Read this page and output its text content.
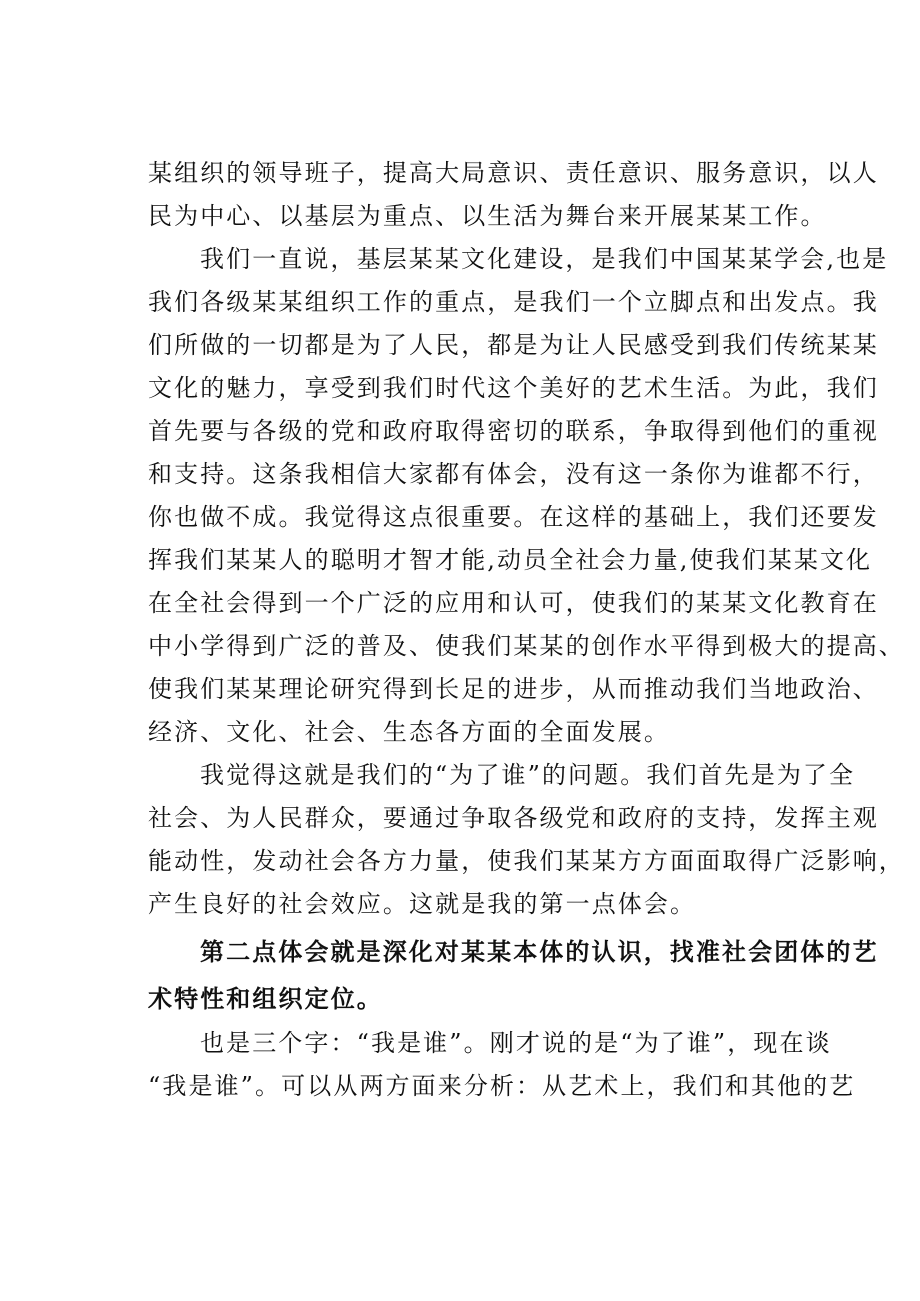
某组织的领导班子，提高大局意识、责任意识、服务意识，以人
民为中心、以基层为重点、以生活为舞台来开展某某工作。
我们一直说，基层某某文化建设，是我们中国某某学会,也是
我们各级某某组织工作的重点，是我们一个立脚点和出发点。我
们所做的一切都是为了人民，都是为让人民感受到我们传统某某
文化的魅力，享受到我们时代这个美好的艺术生活。为此，我们
首先要与各级的党和政府取得密切的联系，争取得到他们的重视
和支持。这条我相信大家都有体会，没有这一条你为谁都不行，
你也做不成。我觉得这点很重要。在这样的基础上，我们还要发
挥我们某某人的聪明才智才能,动员全社会力量,使我们某某文化
在全社会得到一个广泛的应用和认可，使我们的某某文化教育在
中小学得到广泛的普及、使我们某某的创作水平得到极大的提高、
使我们某某理论研究得到长足的进步，从而推动我们当地政治、
经济、文化、社会、生态各方面的全面发展。
我觉得这就是我们的“为了谁”的问题。我们首先是为了全
社会、为人民群众，要通过争取各级党和政府的支持，发挥主观
能动性，发动社会各方力量，使我们某某方方面面取得广泛影响，
产生良好的社会效应。这就是我的第一点体会。
第二点体会就是深化对某某本体的认识，找准社会团体的艺
术特性和组织定位。
也是三个字：“我是谁”。刚才说的是“为了谁”，现在谈
“我是谁”。可以从两方面来分析：从艺术上，我们和其他的艺
